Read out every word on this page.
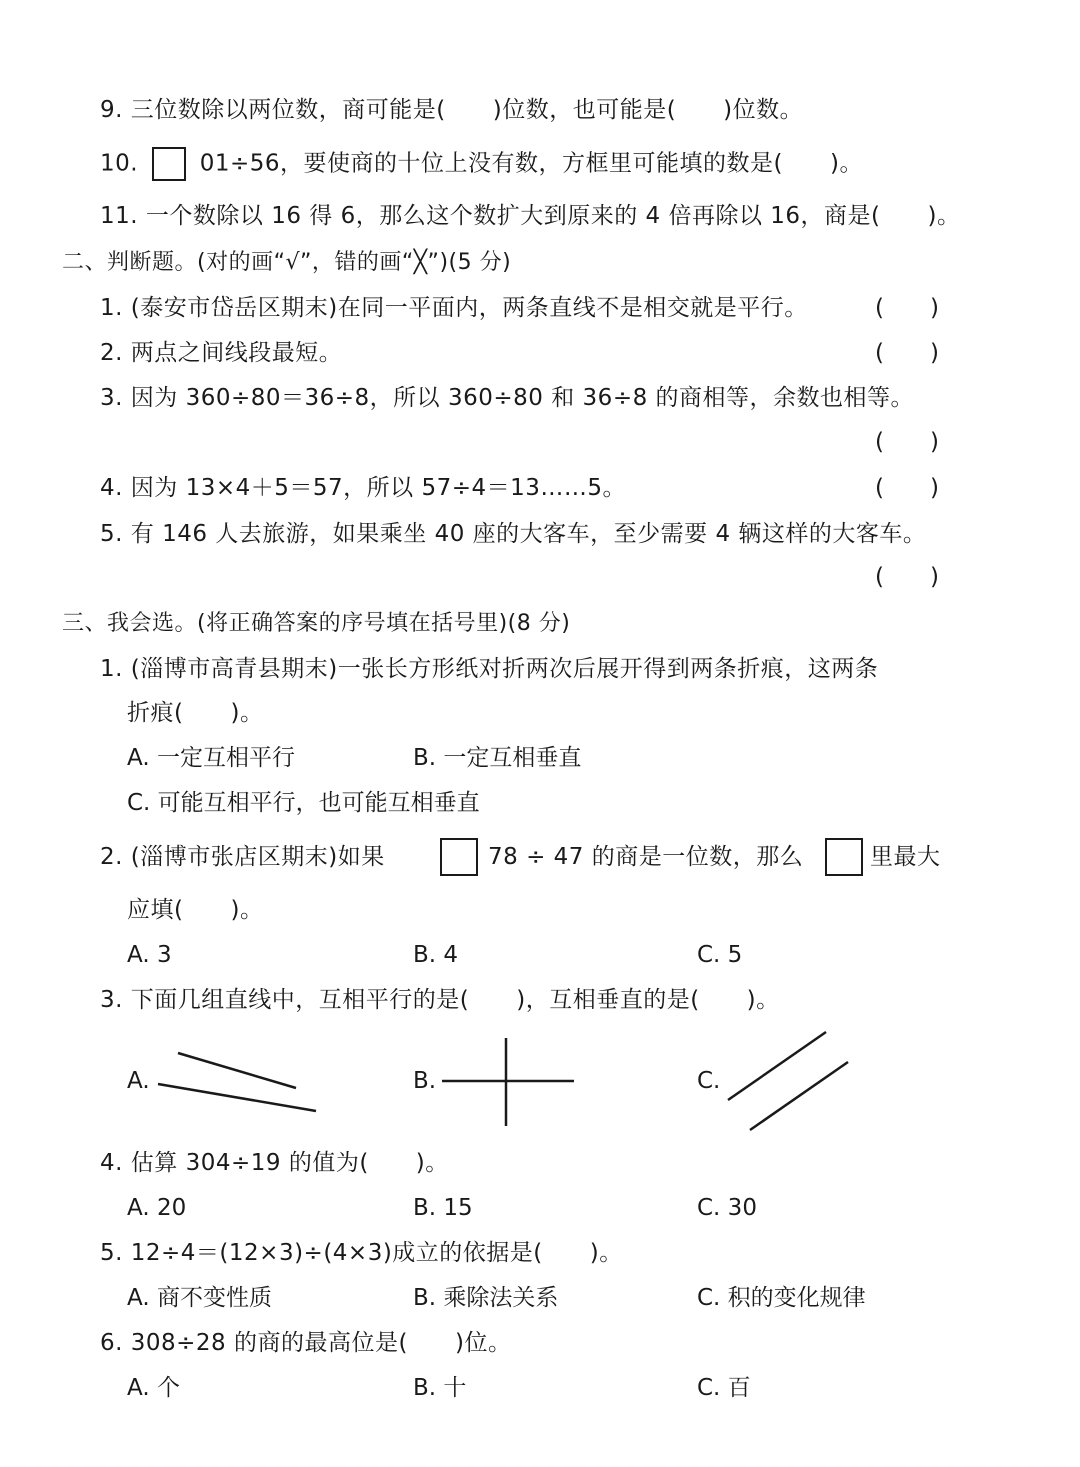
9. 三位数除以两位数，商可能是(　　)位数，也可能是(　　)位数。
10.	01÷56，要使商的十位上没有数，方框里可能填的数是(　　)。
11. 一个数除以 16 得 6，那么这个数扩大到原来的 4 倍再除以 16，商是(　　)。
二、判断题。(对的画“√”，错的画“╳”)(5 分)
1. (泰安市岱岳区期末)在同一平面内，两条直线不是相交就是平行。	(　　)
2. 两点之间线段最短。	(　　)
3. 因为 360÷80＝36÷8，所以 360÷80 和 36÷8 的商相等，余数也相等。
(　　)
4. 因为 13×4＋5＝57，所以 57÷4＝13……5。	(　　)
5. 有 146 人去旅游，如果乘坐 40 座的大客车，至少需要 4 辆这样的大客车。
(　　)
三、我会选。(将正确答案的序号填在括号里)(8 分)
1. (淄博市高青县期末)一张长方形纸对折两次后展开得到两条折痕，这两条
折痕(　　)。
A. 一定互相平行	B. 一定互相垂直
C. 可能互相平行，也可能互相垂直
2. (淄博市张店区期末)如果	78 ÷ 47 的商是一位数，那么	里最大
应填(　　)。
A. 3	B. 4	C. 5
3. 下面几组直线中，互相平行的是(　　)，互相垂直的是(　　)。
A.	B.	C.
4. 估算 304÷19 的值为(　　)。
A. 20	B. 15	C. 30
5. 12÷4＝(12×3)÷(4×3)成立的依据是(　　)。
A. 商不变性质	B. 乘除法关系	C. 积的变化规律
6. 308÷28 的商的最高位是(　　)位。
A. 个	B. 十	C. 百
